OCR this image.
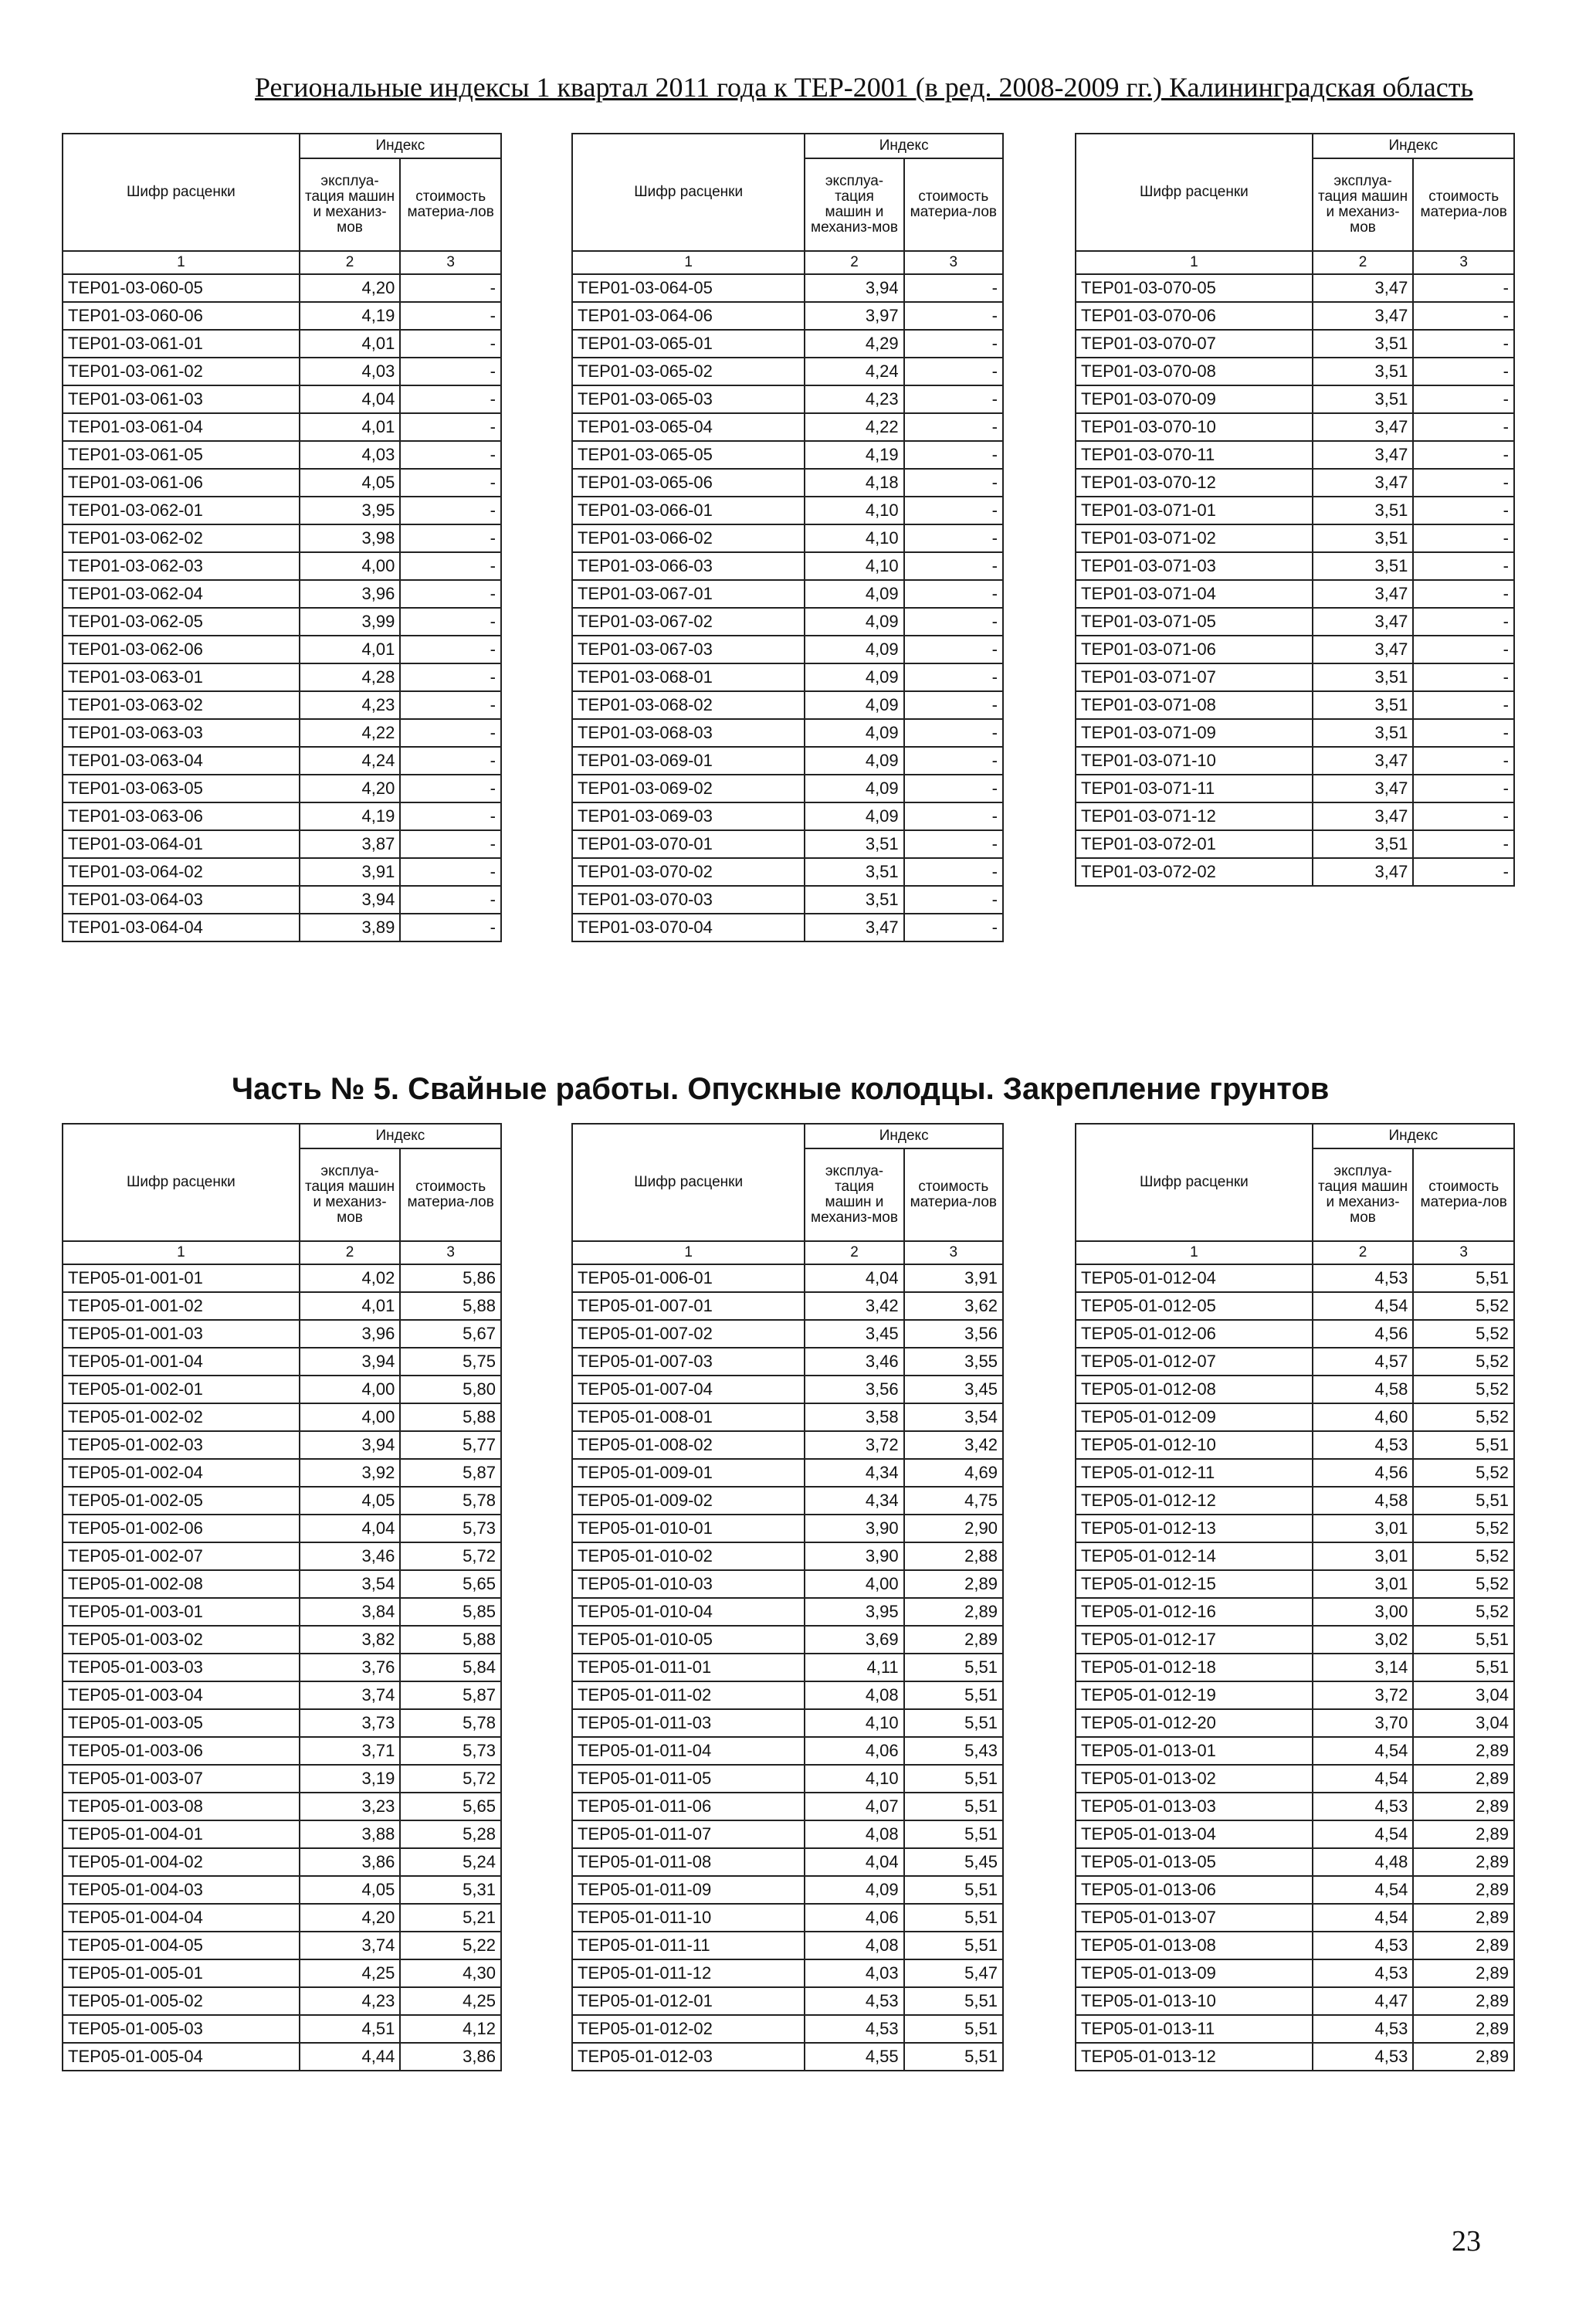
Региональные индексы 1 квартал 2011 года к ТЕР-2001 (в ред. 2008-2009 гг.) Калининградская область
Шифр расценки	Индекс	
	эксплуа-тация машин и механиз-мов	стоимость материа-лов
1	2	3
ТЕР01-03-060-05	4,20	-
ТЕР01-03-060-06	4,19	-
ТЕР01-03-061-01	4,01	-
ТЕР01-03-061-02	4,03	-
ТЕР01-03-061-03	4,04	-
ТЕР01-03-061-04	4,01	-
ТЕР01-03-061-05	4,03	-
ТЕР01-03-061-06	4,05	-
ТЕР01-03-062-01	3,95	-
ТЕР01-03-062-02	3,98	-
ТЕР01-03-062-03	4,00	-
ТЕР01-03-062-04	3,96	-
ТЕР01-03-062-05	3,99	-
ТЕР01-03-062-06	4,01	-
ТЕР01-03-063-01	4,28	-
ТЕР01-03-063-02	4,23	-
ТЕР01-03-063-03	4,22	-
ТЕР01-03-063-04	4,24	-
ТЕР01-03-063-05	4,20	-
ТЕР01-03-063-06	4,19	-
ТЕР01-03-064-01	3,87	-
ТЕР01-03-064-02	3,91	-
ТЕР01-03-064-03	3,94	-
ТЕР01-03-064-04	3,89	-
Шифр расценки	Индекс	
	эксплуа-тация машин и механиз-мов	стоимость материа-лов
1	2	3
ТЕР01-03-064-05	3,94	-
ТЕР01-03-064-06	3,97	-
ТЕР01-03-065-01	4,29	-
ТЕР01-03-065-02	4,24	-
ТЕР01-03-065-03	4,23	-
ТЕР01-03-065-04	4,22	-
ТЕР01-03-065-05	4,19	-
ТЕР01-03-065-06	4,18	-
ТЕР01-03-066-01	4,10	-
ТЕР01-03-066-02	4,10	-
ТЕР01-03-066-03	4,10	-
ТЕР01-03-067-01	4,09	-
ТЕР01-03-067-02	4,09	-
ТЕР01-03-067-03	4,09	-
ТЕР01-03-068-01	4,09	-
ТЕР01-03-068-02	4,09	-
ТЕР01-03-068-03	4,09	-
ТЕР01-03-069-01	4,09	-
ТЕР01-03-069-02	4,09	-
ТЕР01-03-069-03	4,09	-
ТЕР01-03-070-01	3,51	-
ТЕР01-03-070-02	3,51	-
ТЕР01-03-070-03	3,51	-
ТЕР01-03-070-04	3,47	-
Шифр расценки	Индекс	
	эксплуа-тация машин и механиз-мов	стоимость материа-лов
1	2	3
ТЕР01-03-070-05	3,47	-
ТЕР01-03-070-06	3,47	-
ТЕР01-03-070-07	3,51	-
ТЕР01-03-070-08	3,51	-
ТЕР01-03-070-09	3,51	-
ТЕР01-03-070-10	3,47	-
ТЕР01-03-070-11	3,47	-
ТЕР01-03-070-12	3,47	-
ТЕР01-03-071-01	3,51	-
ТЕР01-03-071-02	3,51	-
ТЕР01-03-071-03	3,51	-
ТЕР01-03-071-04	3,47	-
ТЕР01-03-071-05	3,47	-
ТЕР01-03-071-06	3,47	-
ТЕР01-03-071-07	3,51	-
ТЕР01-03-071-08	3,51	-
ТЕР01-03-071-09	3,51	-
ТЕР01-03-071-10	3,47	-
ТЕР01-03-071-11	3,47	-
ТЕР01-03-071-12	3,47	-
ТЕР01-03-072-01	3,51	-
ТЕР01-03-072-02	3,47	-
Часть № 5. Свайные работы. Опускные колодцы. Закрепление грунтов
Шифр расценки	Индекс	
	эксплуа-тация машин и механиз-мов	стоимость материа-лов
1	2	3
ТЕР05-01-001-01	4,02	5,86
ТЕР05-01-001-02	4,01	5,88
ТЕР05-01-001-03	3,96	5,67
ТЕР05-01-001-04	3,94	5,75
ТЕР05-01-002-01	4,00	5,80
ТЕР05-01-002-02	4,00	5,88
ТЕР05-01-002-03	3,94	5,77
ТЕР05-01-002-04	3,92	5,87
ТЕР05-01-002-05	4,05	5,78
ТЕР05-01-002-06	4,04	5,73
ТЕР05-01-002-07	3,46	5,72
ТЕР05-01-002-08	3,54	5,65
ТЕР05-01-003-01	3,84	5,85
ТЕР05-01-003-02	3,82	5,88
ТЕР05-01-003-03	3,76	5,84
ТЕР05-01-003-04	3,74	5,87
ТЕР05-01-003-05	3,73	5,78
ТЕР05-01-003-06	3,71	5,73
ТЕР05-01-003-07	3,19	5,72
ТЕР05-01-003-08	3,23	5,65
ТЕР05-01-004-01	3,88	5,28
ТЕР05-01-004-02	3,86	5,24
ТЕР05-01-004-03	4,05	5,31
ТЕР05-01-004-04	4,20	5,21
ТЕР05-01-004-05	3,74	5,22
ТЕР05-01-005-01	4,25	4,30
ТЕР05-01-005-02	4,23	4,25
ТЕР05-01-005-03	4,51	4,12
ТЕР05-01-005-04	4,44	3,86
Шифр расценки	Индекс	
	эксплуа-тация машин и механиз-мов	стоимость материа-лов
1	2	3
ТЕР05-01-006-01	4,04	3,91
ТЕР05-01-007-01	3,42	3,62
ТЕР05-01-007-02	3,45	3,56
ТЕР05-01-007-03	3,46	3,55
ТЕР05-01-007-04	3,56	3,45
ТЕР05-01-008-01	3,58	3,54
ТЕР05-01-008-02	3,72	3,42
ТЕР05-01-009-01	4,34	4,69
ТЕР05-01-009-02	4,34	4,75
ТЕР05-01-010-01	3,90	2,90
ТЕР05-01-010-02	3,90	2,88
ТЕР05-01-010-03	4,00	2,89
ТЕР05-01-010-04	3,95	2,89
ТЕР05-01-010-05	3,69	2,89
ТЕР05-01-011-01	4,11	5,51
ТЕР05-01-011-02	4,08	5,51
ТЕР05-01-011-03	4,10	5,51
ТЕР05-01-011-04	4,06	5,43
ТЕР05-01-011-05	4,10	5,51
ТЕР05-01-011-06	4,07	5,51
ТЕР05-01-011-07	4,08	5,51
ТЕР05-01-011-08	4,04	5,45
ТЕР05-01-011-09	4,09	5,51
ТЕР05-01-011-10	4,06	5,51
ТЕР05-01-011-11	4,08	5,51
ТЕР05-01-011-12	4,03	5,47
ТЕР05-01-012-01	4,53	5,51
ТЕР05-01-012-02	4,53	5,51
ТЕР05-01-012-03	4,55	5,51
Шифр расценки	Индекс	
	эксплуа-тация машин и механиз-мов	стоимость материа-лов
1	2	3
ТЕР05-01-012-04	4,53	5,51
ТЕР05-01-012-05	4,54	5,52
ТЕР05-01-012-06	4,56	5,52
ТЕР05-01-012-07	4,57	5,52
ТЕР05-01-012-08	4,58	5,52
ТЕР05-01-012-09	4,60	5,52
ТЕР05-01-012-10	4,53	5,51
ТЕР05-01-012-11	4,56	5,52
ТЕР05-01-012-12	4,58	5,51
ТЕР05-01-012-13	3,01	5,52
ТЕР05-01-012-14	3,01	5,52
ТЕР05-01-012-15	3,01	5,52
ТЕР05-01-012-16	3,00	5,52
ТЕР05-01-012-17	3,02	5,51
ТЕР05-01-012-18	3,14	5,51
ТЕР05-01-012-19	3,72	3,04
ТЕР05-01-012-20	3,70	3,04
ТЕР05-01-013-01	4,54	2,89
ТЕР05-01-013-02	4,54	2,89
ТЕР05-01-013-03	4,53	2,89
ТЕР05-01-013-04	4,54	2,89
ТЕР05-01-013-05	4,48	2,89
ТЕР05-01-013-06	4,54	2,89
ТЕР05-01-013-07	4,54	2,89
ТЕР05-01-013-08	4,53	2,89
ТЕР05-01-013-09	4,53	2,89
ТЕР05-01-013-10	4,47	2,89
ТЕР05-01-013-11	4,53	2,89
ТЕР05-01-013-12	4,53	2,89
23
